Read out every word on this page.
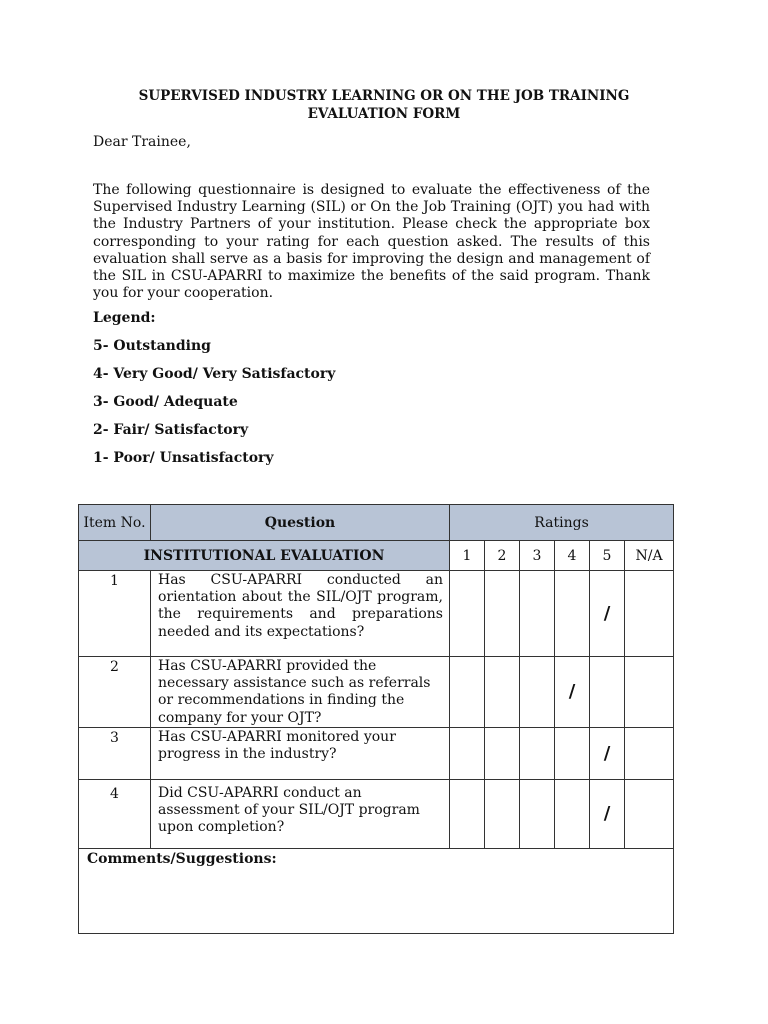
SUPERVISED INDUSTRY LEARNING OR ON THE JOB TRAINING

EVALUATION FORM

Dear Trainee,

The following questionnaire is designed to evaluate the effectiveness of the Supervised Industry Learning (SIL) or On the Job Training (OJT) you had with the Industry Partners of your institution. Please check the appropriate box corresponding to your rating for each question asked. The results of this evaluation shall serve as a basis for improving the design and management of the SIL in CSU-APARRI to maximize the benefits of the said program. Thank you for your cooperation.

Legend:

5- Outstanding

4- Very Good/ Very Satisfactory

3- Good/ Adequate

2- Fair/ Satisfactory

1- Poor/ Unsatisfactory

Item No.	Question	Ratings					
INSTITUTIONAL EVALUATION		1	2	3	4	5	N/A
1	Has CSU-APARRI conducted an orientation about the SIL/OJT program, the requirements and preparations needed and its expectations?					/	
2	Has CSU-APARRI provided the necessary assistance such as referrals or recommendations in finding the company for your OJT?				/		
3	Has CSU-APARRI monitored your progress in the industry?					/	
4	Did CSU-APARRI conduct an assessment of your SIL/OJT program upon completion?					/	
Comments/Suggestions:							
